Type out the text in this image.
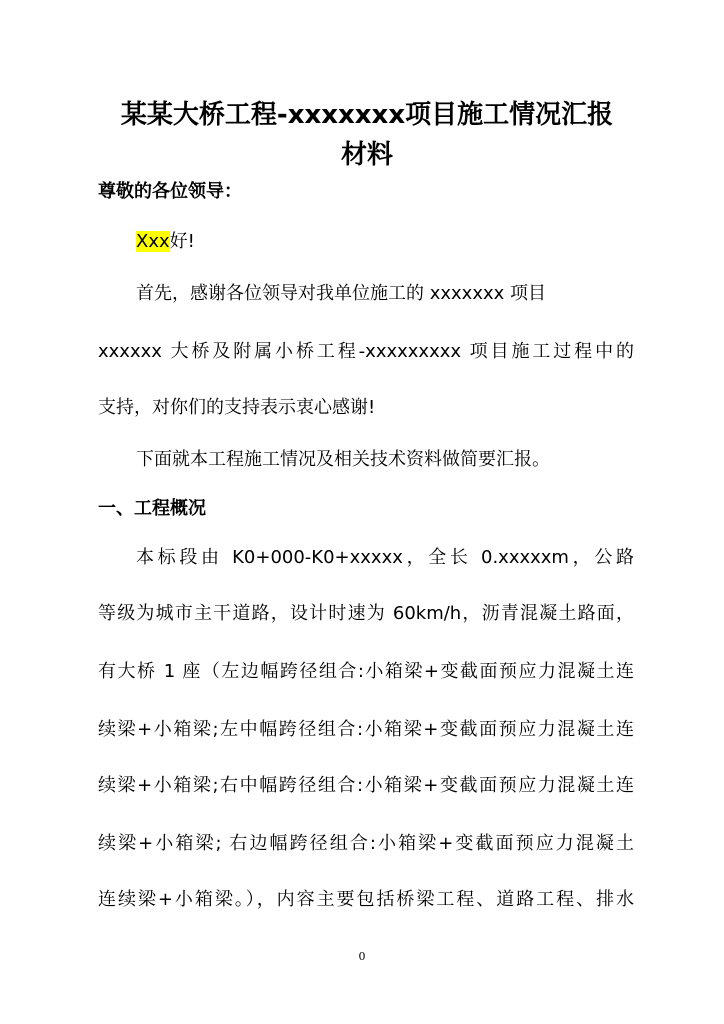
某某大桥工程-xxxxxxx项目施工情况汇报
材料
尊敬的各位领导：
Xxx好!
首先，感谢各位领导对我单位施工的 xxxxxxx 项目
xxxxxx 大桥及附属小桥工程-xxxxxxxxx 项目施工过程中的
支持，对你们的支持表示衷心感谢!
下面就本工程施工情况及相关技术资料做简要汇报。
一、工程概况
本标段由 K0+000-K0+xxxxx，全长 0.xxxxxm，公路
等级为城市主干道路，设计时速为 60km/h，沥青混凝土路面，
有大桥 1 座（左边幅跨径组合:小箱梁+变截面预应力混凝土连
续梁+小箱梁;左中幅跨径组合:小箱梁+变截面预应力混凝土连
续梁+小箱梁;右中幅跨径组合:小箱梁+变截面预应力混凝土连
续梁+小箱梁; 右边幅跨径组合:小箱梁+变截面预应力混凝土
连续梁+小箱梁。），内容主要包括桥梁工程、道路工程、排水
0
